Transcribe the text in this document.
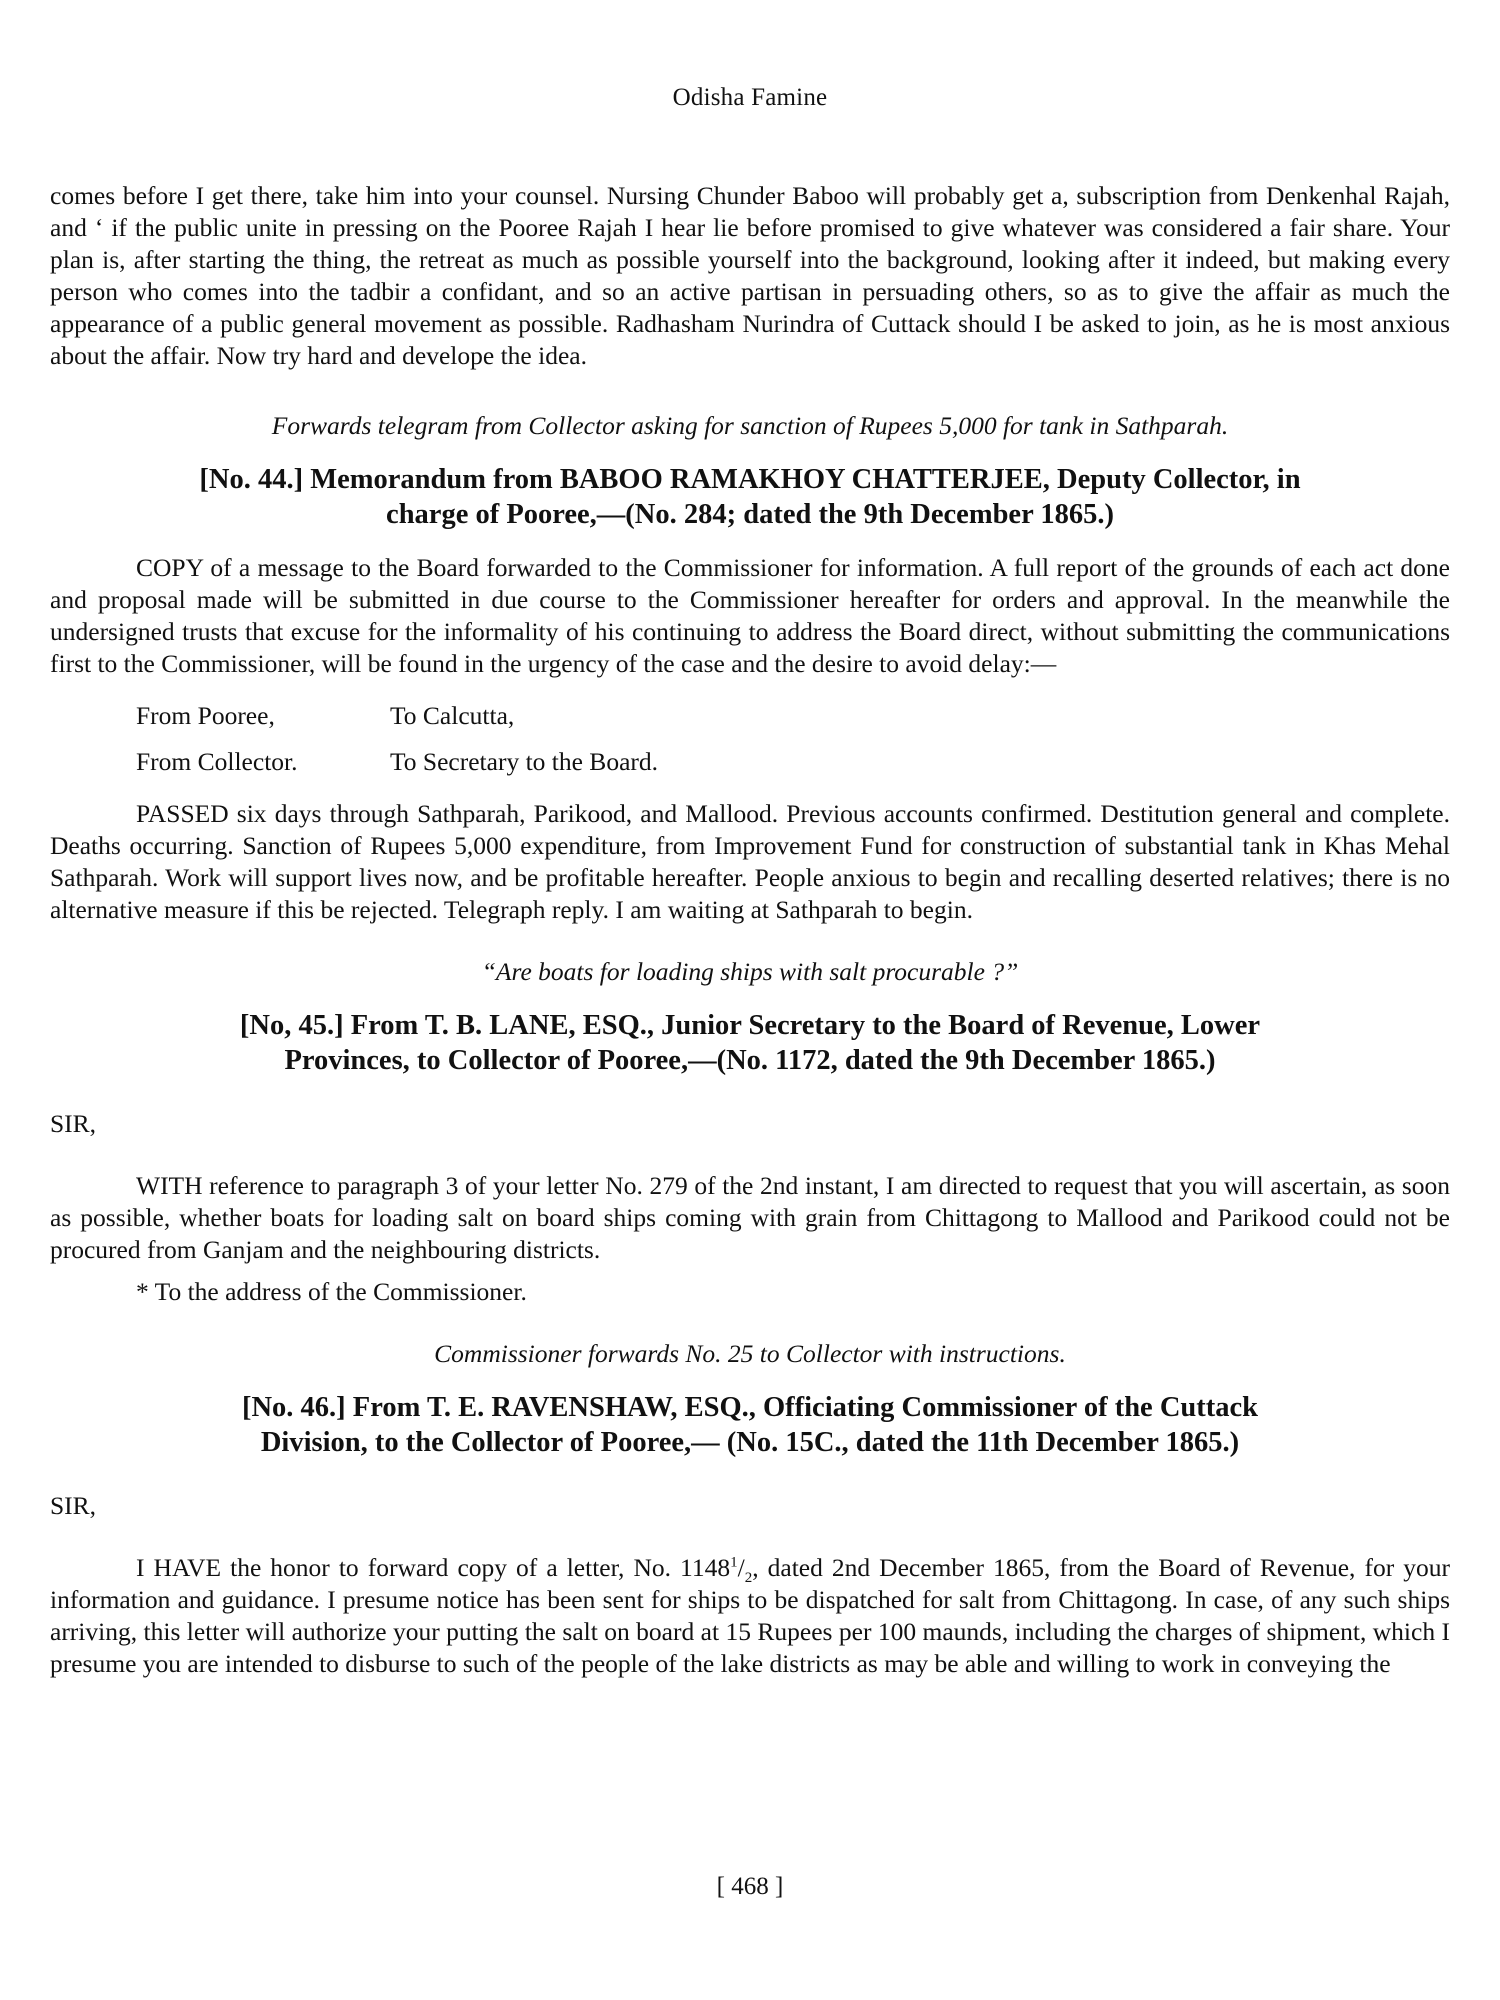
Odisha Famine

comes before I get there, take him into your counsel. Nursing Chunder Baboo will probably get a, subscription from Denkenhal Rajah, and ‘ if the public unite in pressing on the Pooree Rajah I hear lie before promised to give whatever was considered a fair share. Your plan is, after starting the thing, the retreat as much as possible yourself into the background, looking after it indeed, but making every person who comes into the tadbir a confidant, and so an active partisan in persuading others, so as to give the affair as much the appearance of a public general movement as possible. Radhasham Nurindra of Cuttack should I be asked to join, as he is most anxious about the affair. Now try hard and develope the idea.

Forwards telegram from Collector asking for sanction of Rupees 5,000 for tank in Sathparah.

[No. 44.] Memorandum from BABOO RAMAKHOY CHATTERJEE, Deputy Collector, in
charge of Pooree,—(No. 284; dated the 9th December 1865.)

COPY of a message to the Board forwarded to the Commissioner for information. A full report of the grounds of each act done and proposal made will be submitted in due course to the Commissioner hereafter for orders and approval. In the meanwhile the undersigned trusts that excuse for the informality of his continuing to address the Board direct, without submitting the communications first to the Commissioner, will be found in the urgency of the case and the desire to avoid delay:—

From Pooree,	To Calcutta,

From Collector.	To Secretary to the Board.

PASSED six days through Sathparah, Parikood, and Mallood. Previous accounts confirmed. Destitution general and complete. Deaths occurring. Sanction of Rupees 5,000 expenditure, from Improvement Fund for construction of substantial tank in Khas Mehal Sathparah. Work will support lives now, and be profitable hereafter. People anxious to begin and recalling deserted relatives; there is no alternative measure if this be rejected. Telegraph reply. I am waiting at Sathparah to begin.

“Are boats for loading ships with salt procurable ?”

[No, 45.] From T. B. LANE, ESQ., Junior Secretary to the Board of Revenue, Lower
Provinces, to Collector of Pooree,—(No. 1172, dated the 9th December 1865.)

SIR,

WITH reference to paragraph 3 of your letter No. 279 of the 2nd instant, I am directed to request that you will ascertain, as soon as possible, whether boats for loading salt on board ships coming with grain from Chittagong to Mallood and Parikood could not be procured from Ganjam and the neighbouring districts.

* To the address of the Commissioner.

Commissioner forwards No. 25 to Collector with instructions.

[No. 46.] From T. E. RAVENSHAW, ESQ., Officiating Commissioner of the Cuttack
Division, to the Collector of Pooree,— (No. 15C., dated the 11th December 1865.)

SIR,

I HAVE the honor to forward copy of a letter, No. $1148^1/_2$, dated 2nd December 1865, from the Board of Revenue, for your information and guidance. I presume notice has been sent for ships to be dispatched for salt from Chittagong. In case, of any such ships arriving, this letter will authorize your putting the salt on board at 15 Rupees per 100 maunds, including the charges of shipment, which I presume you are intended to disburse to such of the people of the lake districts as may be able and willing to work in conveying the

[ 468 ]
